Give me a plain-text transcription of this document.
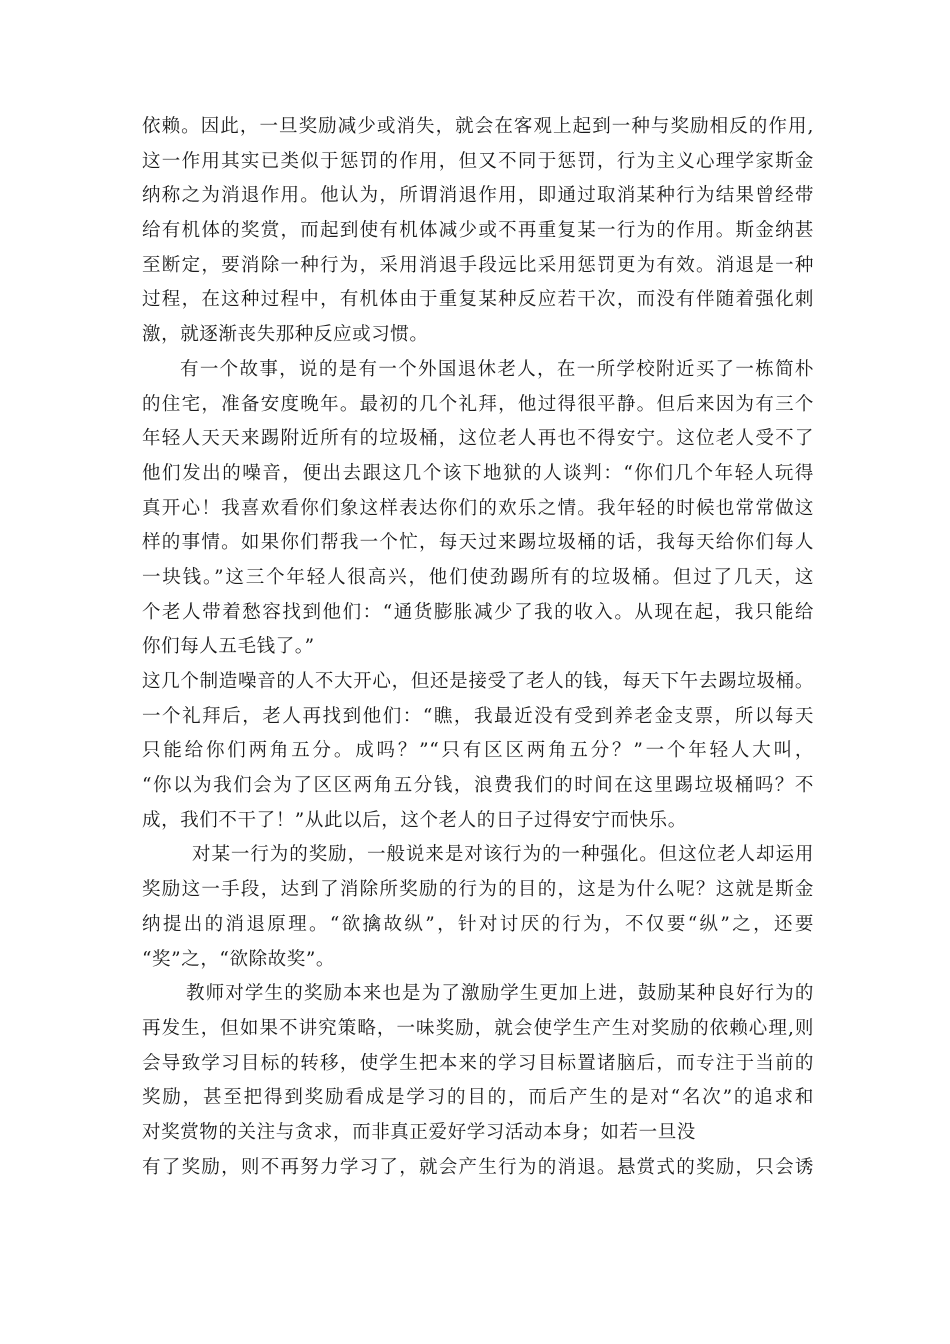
依赖。因此，一旦奖励减少或消失，就会在客观上起到一种与奖励相反的作用,
这一作用其实已类似于惩罚的作用，但又不同于惩罚，行为主义心理学家斯金
纳称之为消退作用。他认为，所谓消退作用，即通过取消某种行为结果曾经带
给有机体的奖赏，而起到使有机体减少或不再重复某一行为的作用。斯金纳甚
至断定，要消除一种行为，采用消退手段远比采用惩罚更为有效。消退是一种
过程，在这种过程中，有机体由于重复某种反应若干次，而没有伴随着强化刺
激，就逐渐丧失那种反应或习惯。
有一个故事，说的是有一个外国退休老人，在一所学校附近买了一栋简朴
的住宅，准备安度晚年。最初的几个礼拜，他过得很平静。但后来因为有三个
年轻人天天来踢附近所有的垃圾桶，这位老人再也不得安宁。这位老人受不了
他们发出的噪音，便出去跟这几个该下地狱的人谈判：“你们几个年轻人玩得
真开心！我喜欢看你们象这样表达你们的欢乐之情。我年轻的时候也常常做这
样的事情。如果你们帮我一个忙，每天过来踢垃圾桶的话，我每天给你们每人
一块钱。”这三个年轻人很高兴，他们使劲踢所有的垃圾桶。但过了几天，这
个老人带着愁容找到他们：“通货膨胀减少了我的收入。从现在起，我只能给
你们每人五毛钱了。”
这几个制造噪音的人不大开心，但还是接受了老人的钱，每天下午去踢垃圾桶。
一个礼拜后，老人再找到他们：“瞧，我最近没有受到养老金支票，所以每天
只能给你们两角五分。成吗？”“只有区区两角五分？”一个年轻人大叫，
“你以为我们会为了区区两角五分钱，浪费我们的时间在这里踢垃圾桶吗？不
成，我们不干了！”从此以后，这个老人的日子过得安宁而快乐。
对某一行为的奖励，一般说来是对该行为的一种强化。但这位老人却运用
奖励这一手段，达到了消除所奖励的行为的目的，这是为什么呢？这就是斯金
纳提出的消退原理。“欲擒故纵”，针对讨厌的行为，不仅要“纵”之，还要
“奖”之，“欲除故奖”。
教师对学生的奖励本来也是为了激励学生更加上进，鼓励某种良好行为的
再发生，但如果不讲究策略，一味奖励，就会使学生产生对奖励的依赖心理,则
会导致学习目标的转移，使学生把本来的学习目标置诸脑后，而专注于当前的
奖励，甚至把得到奖励看成是学习的目的，而后产生的是对“名次”的追求和
对奖赏物的关注与贪求，而非真正爱好学习活动本身；如若一旦没
有了奖励，则不再努力学习了，就会产生行为的消退。悬赏式的奖励，只会诱
